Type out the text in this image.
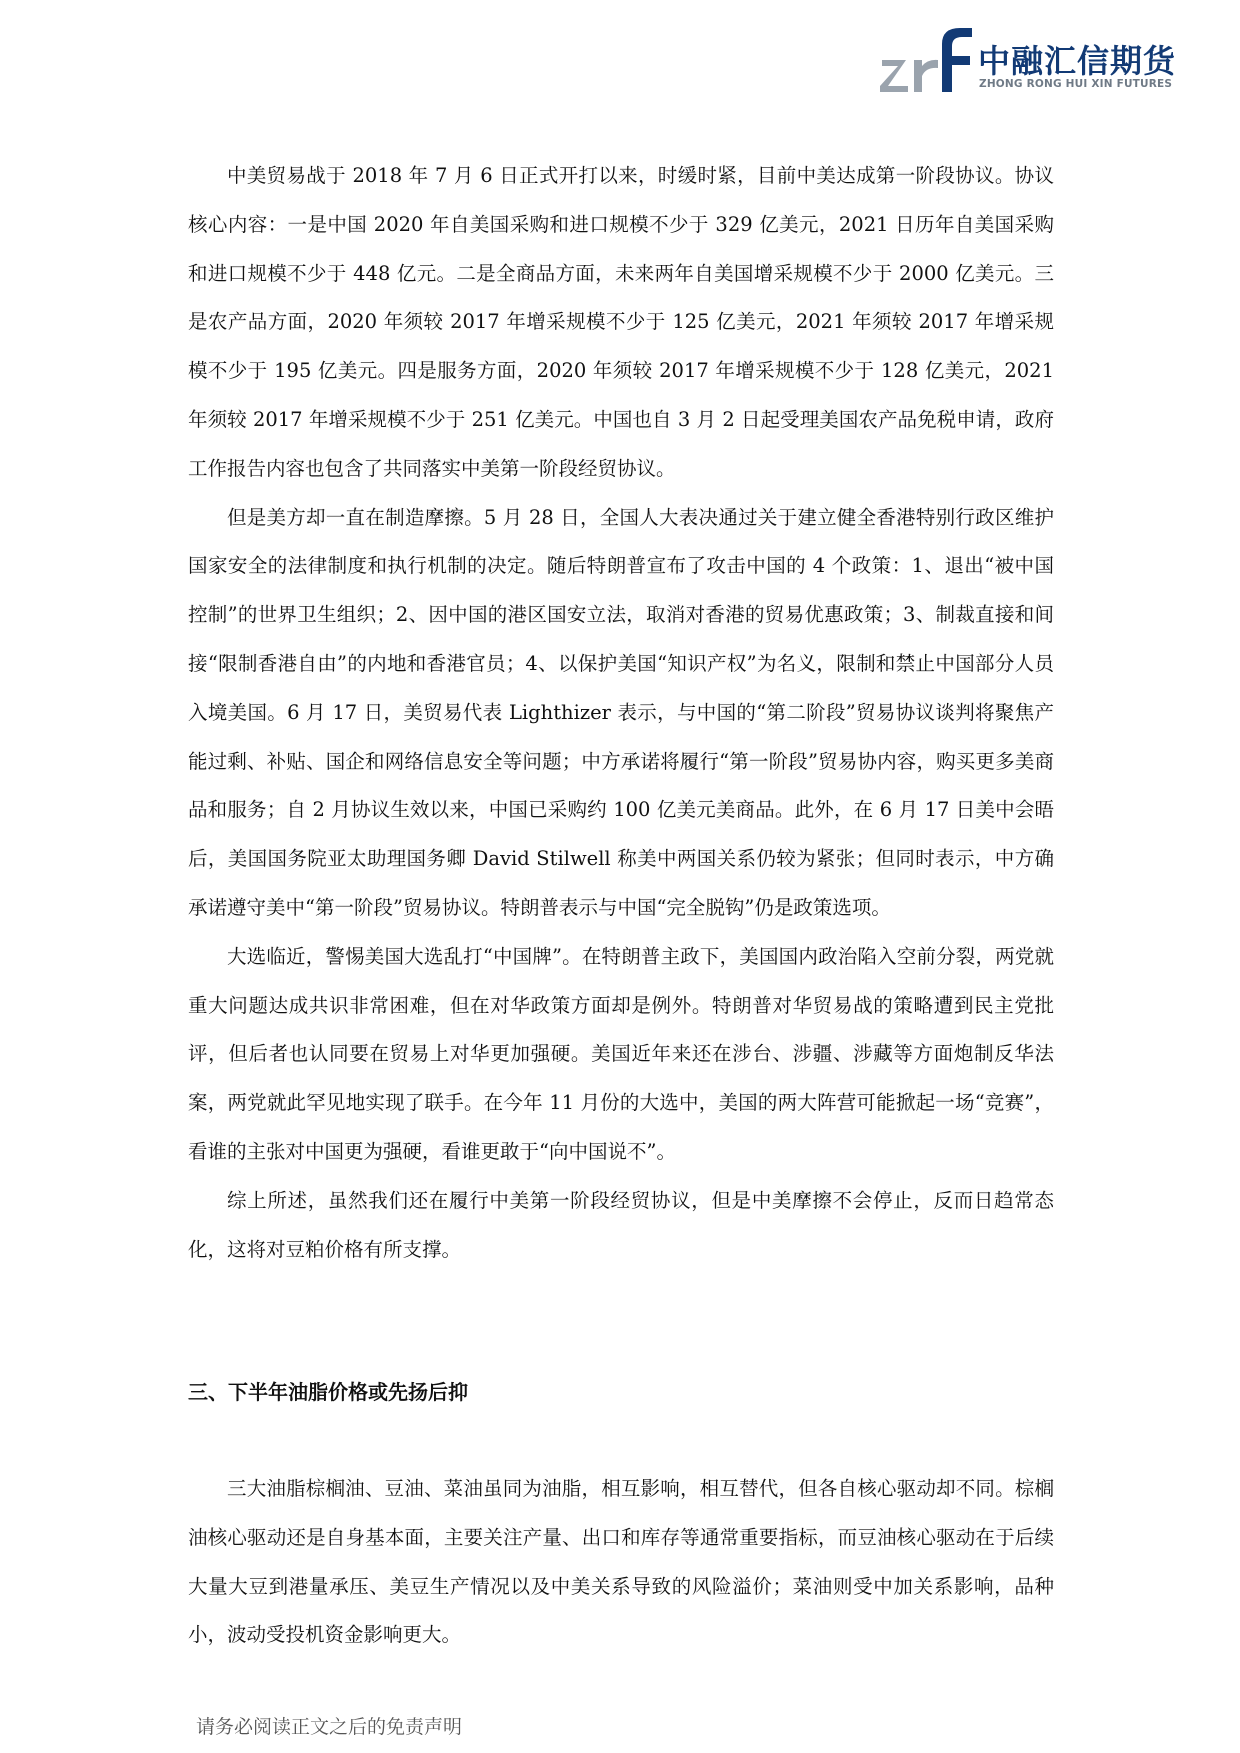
中融汇信期货
ZHONG RONG HUI XIN FUTURES

中美贸易战于 2018 年 7 月 6 日正式开打以来，时缓时紧，目前中美达成第一阶段协议。协议核心内容：一是中国 2020 年自美国采购和进口规模不少于 329 亿美元，2021 日历年自美国采购和进口规模不少于 448 亿元。二是全商品方面，未来两年自美国增采规模不少于 2000 亿美元。三是农产品方面，2020 年须较 2017 年增采规模不少于 125 亿美元，2021 年须较 2017 年增采规模不少于 195 亿美元。四是服务方面，2020 年须较 2017 年增采规模不少于 128 亿美元，2021 年须较 2017 年增采规模不少于 251 亿美元。中国也自 3 月 2 日起受理美国农产品免税申请，政府工作报告内容也包含了共同落实中美第一阶段经贸协议。

但是美方却一直在制造摩擦。5 月 28 日，全国人大表决通过关于建立健全香港特别行政区维护国家安全的法律制度和执行机制的决定。随后特朗普宣布了攻击中国的 4 个政策：1、退出“被中国控制”的世界卫生组织；2、因中国的港区国安立法，取消对香港的贸易优惠政策；3、制裁直接和间接“限制香港自由”的内地和香港官员；4、以保护美国“知识产权”为名义，限制和禁止中国部分人员入境美国。6 月 17 日，美贸易代表 Lighthizer 表示，与中国的“第二阶段”贸易协议谈判将聚焦产能过剩、补贴、国企和网络信息安全等问题；中方承诺将履行“第一阶段”贸易协内容，购买更多美商品和服务；自 2 月协议生效以来，中国已采购约 100 亿美元美商品。此外，在 6 月 17 日美中会晤后，美国国务院亚太助理国务卿 David Stilwell 称美中两国关系仍较为紧张；但同时表示，中方确承诺遵守美中“第一阶段”贸易协议。特朗普表示与中国“完全脱钩”仍是政策选项。

大选临近，警惕美国大选乱打“中国牌”。在特朗普主政下，美国国内政治陷入空前分裂，两党就重大问题达成共识非常困难，但在对华政策方面却是例外。特朗普对华贸易战的策略遭到民主党批评，但后者也认同要在贸易上对华更加强硬。美国近年来还在涉台、涉疆、涉藏等方面炮制反华法案，两党就此罕见地实现了联手。在今年 11 月份的大选中，美国的两大阵营可能掀起一场“竞赛”，看谁的主张对中国更为强硬，看谁更敢于“向中国说不”。

综上所述，虽然我们还在履行中美第一阶段经贸协议，但是中美摩擦不会停止，反而日趋常态化，这将对豆粕价格有所支撑。

三、下半年油脂价格或先扬后抑

三大油脂棕榈油、豆油、菜油虽同为油脂，相互影响，相互替代，但各自核心驱动却不同。棕榈油核心驱动还是自身基本面，主要关注产量、出口和库存等通常重要指标，而豆油核心驱动在于后续大量大豆到港量承压、美豆生产情况以及中美关系导致的风险溢价；菜油则受中加关系影响，品种小，波动受投机资金影响更大。

请务必阅读正文之后的免责声明
